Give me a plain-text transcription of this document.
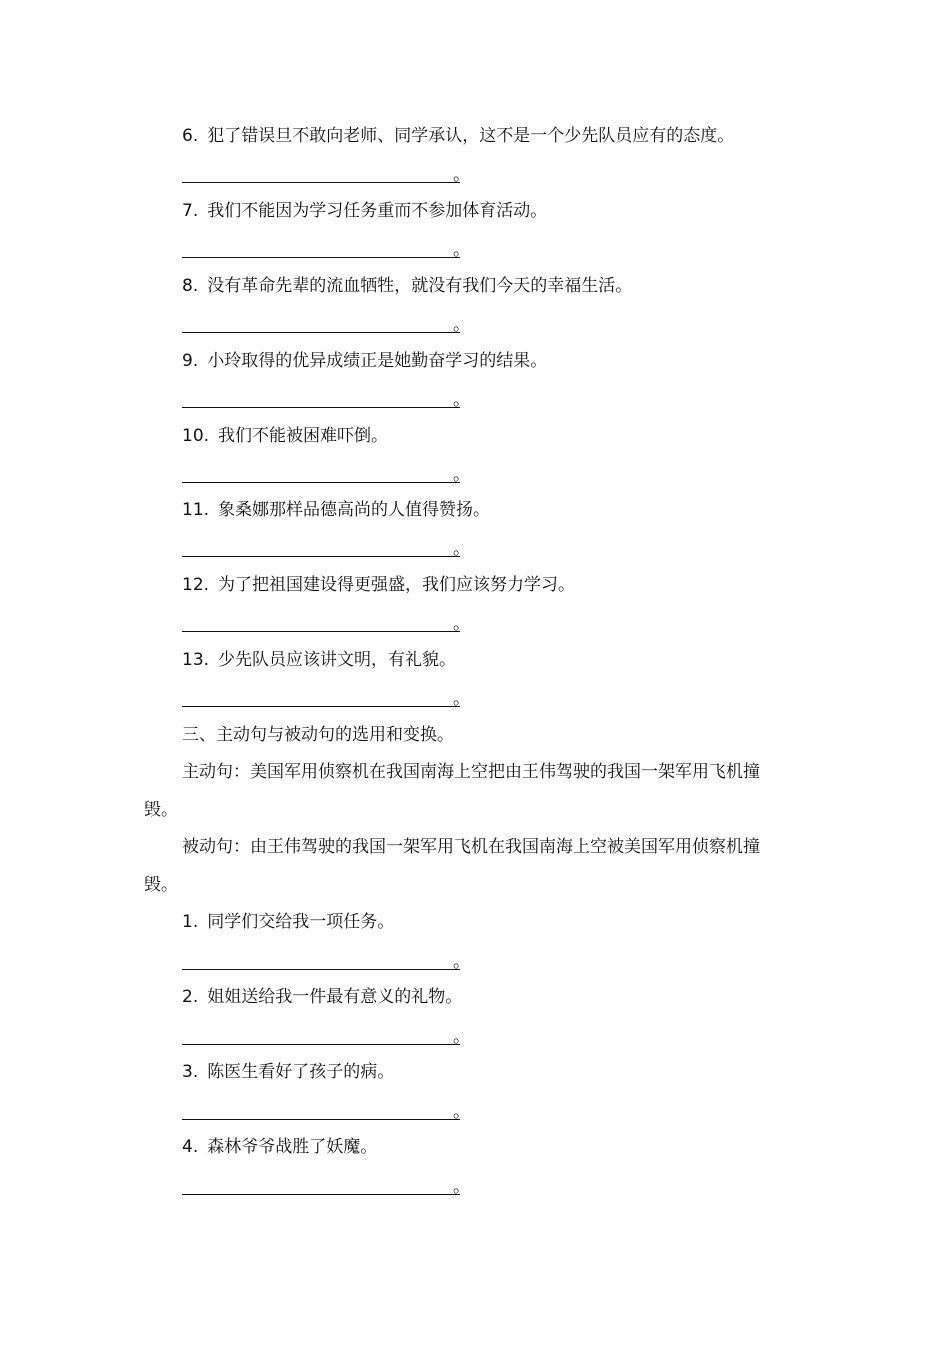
6. 犯了错误旦不敢向老师、同学承认，这不是一个少先队员应有的态度。
。
7. 我们不能因为学习任务重而不参加体育活动。
。
8. 没有革命先辈的流血牺牲，就没有我们今天的幸福生活。
。
9. 小玲取得的优异成绩正是她勤奋学习的结果。
。
10. 我们不能被困难吓倒。
。
11. 象桑娜那样品德高尚的人值得赞扬。
。
12. 为了把祖国建设得更强盛，我们应该努力学习。
。
13. 少先队员应该讲文明，有礼貌。
。
三、主动句与被动句的选用和变换。
主动句：美国军用侦察机在我国南海上空把由王伟驾驶的我国一架军用飞机撞毁。
被动句：由王伟驾驶的我国一架军用飞机在我国南海上空被美国军用侦察机撞毁。
1. 同学们交给我一项任务。
。
2. 姐姐送给我一件最有意义的礼物。
。
3. 陈医生看好了孩子的病。
。
4. 森林爷爷战胜了妖魔。
。
